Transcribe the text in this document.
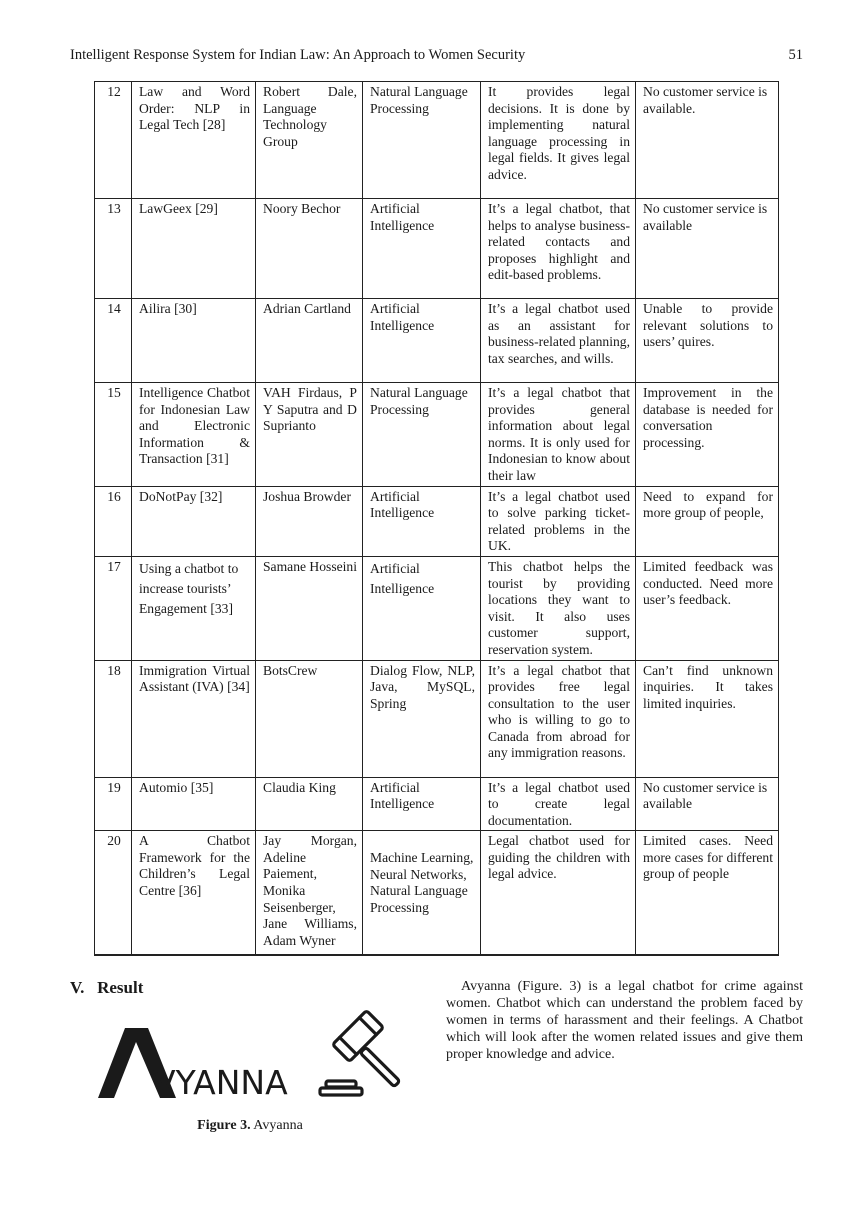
Intelligent Response System for Indian Law: An Approach to Women Security	51
12	Law and Word Order: NLP in Legal Tech [28]	Robert Dale, Language Technology Group	Natural Language Processing	It provides legal decisions. It is done by implementing natural language processing in legal fields. It gives legal advice.	No customer service is available.
13	LawGeex [29]	Noory Bechor	Artificial Intelligence	It’s a legal chatbot, that helps to analyse business-related contacts and proposes highlight and edit-based problems.	No customer service is available
14	Ailira [30]	Adrian Cartland	Artificial Intelligence	It’s a legal chatbot used as an assistant for business-related planning, tax searches, and wills.	Unable to provide relevant solutions to users’ quires.
15	Intelligence Chatbot for Indonesian Law and Electronic Information & Transaction [31]	VAH Firdaus, P Y Saputra and D Suprianto	Natural Language Processing	It’s a legal chatbot that provides general information about legal norms. It is only used for Indonesian to know about their law	Improvement in the database is needed for conversation processing.
16	DoNotPay [32]	Joshua Browder	Artificial Intelligence	It’s a legal chatbot used to solve parking ticket-related problems in the UK.	Need to expand for more group of people,
17	Using a chatbot to increase tourists’ Engagement [33]	Samane Hosseini	Artificial Intelligence	This chatbot helps the tourist by providing locations they want to visit. It also uses customer support, reservation system.	Limited feedback was conducted. Need more user’s feedback.
18	Immigration Virtual Assistant (IVA) [34]	BotsCrew	Dialog Flow, NLP, Java, MySQL, Spring	It’s a legal chatbot that provides free legal consultation to the user who is willing to go to Canada from abroad for any immigration reasons.	Can’t find unknown inquiries. It takes limited inquiries.
19	Automio [35]	Claudia King	Artificial Intelligence	It’s a legal chatbot used to create legal documentation.	No customer service is available
20	A Chatbot Framework for the Children’s Legal Centre [36]	Jay Morgan, Adeline Paiement, Monika Seisenberger, Jane Williams, Adam Wyner	Machine Learning, Neural Networks, Natural Language Processing	Legal chatbot used for guiding the children with legal advice.	Limited cases. Need more cases for different group of people
V.   Result
VYANNA
Figure 3. Avyanna
Avyanna (Figure. 3) is a legal chatbot for crime against women. Chatbot which can understand the problem faced by women in terms of harassment and their feelings. A Chatbot which will look after the women related issues and give them proper knowledge and advice.
